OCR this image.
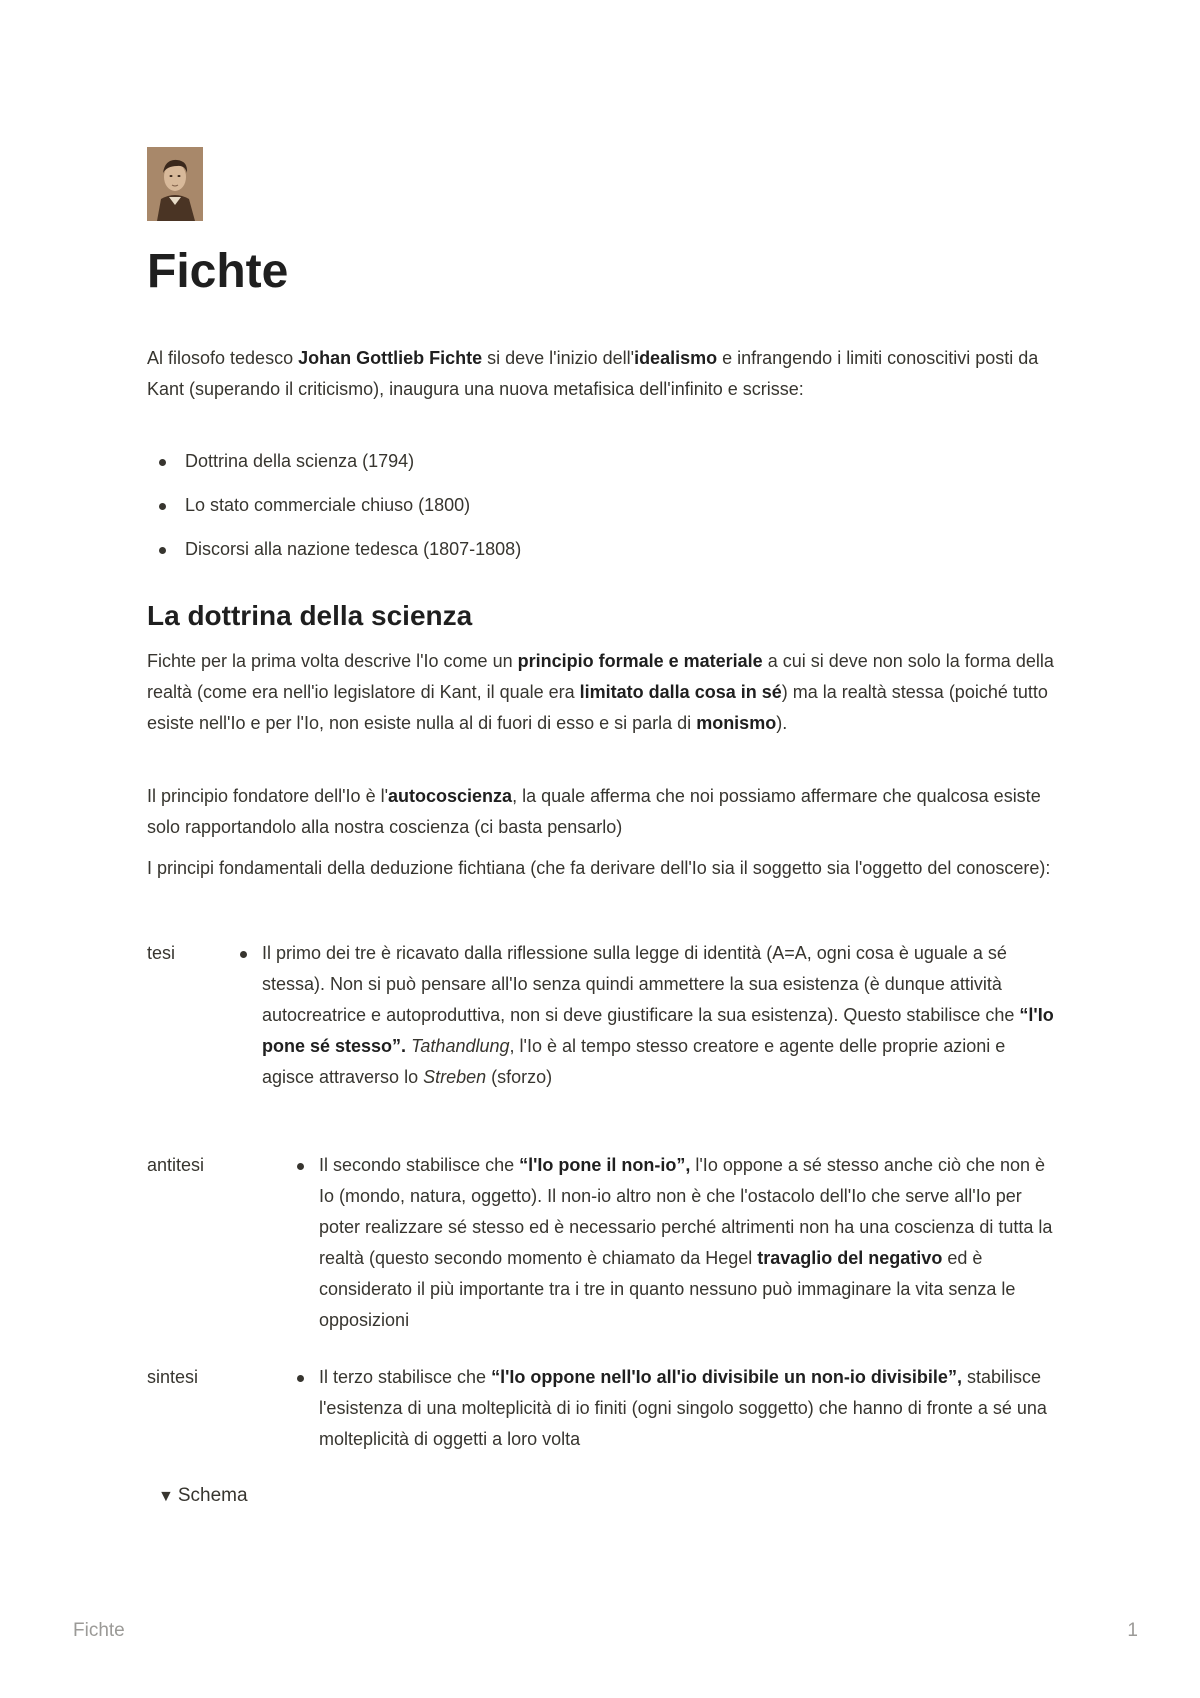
Fichte

Al filosofo tedesco Johan Gottlieb Fichte si deve l'inizio dell'idealismo e infrangendo i limiti conoscitivi posti da Kant (superando il criticismo), inaugura una nuova metafisica dell'infinito e scrisse:

Dottrina della scienza (1794)
Lo stato commerciale chiuso (1800)
Discorsi alla nazione tedesca (1807-1808)
La dottrina della scienza

Fichte per la prima volta descrive l'Io come un principio formale e materiale a cui si deve non solo la forma della realtà (come era nell'io legislatore di Kant, il quale era limitato dalla cosa in sé) ma la realtà stessa (poiché tutto esiste nell'Io e per l'Io, non esiste nulla al di fuori di esso e si parla di monismo).

Il principio fondatore dell'Io è l'autocoscienza, la quale afferma che noi possiamo affermare che qualcosa esiste solo rapportandolo alla nostra coscienza (ci basta pensarlo)

I principi fondamentali della deduzione fichtiana (che fa derivare dell'Io sia il soggetto sia l'oggetto del conoscere):

tesi	Il primo dei tre è ricavato dalla riflessione sulla legge di identità (A=A, ogni cosa è uguale a sé stessa). Non si può pensare all'Io senza quindi ammettere la sua esistenza (è dunque attività autocreatrice e autoproduttiva, non si deve giustificare la sua esistenza). Questo stabilisce che “l'Io pone sé stesso”. Tathandlung, l'Io è al tempo stesso creatore e agente delle proprie azioni e agisce attraverso lo Streben (sforzo)
antitesi	Il secondo stabilisce che “l'Io pone il non-io”, l'Io oppone a sé stesso anche ciò che non è Io (mondo, natura, oggetto). Il non-io altro non è che l'ostacolo dell'Io che serve all'Io per poter realizzare sé stesso ed è necessario perché altrimenti non ha una coscienza di tutta la realtà (questo secondo momento è chiamato da Hegel travaglio del negativo ed è considerato il più importante tra i tre in quanto nessuno può immaginare la vita senza le opposizioni
sintesi	Il terzo stabilisce che “l'Io oppone nell'Io all'io divisibile un non-io divisibile”, stabilisce l'esistenza di una molteplicità di io finiti (ogni singolo soggetto) che hanno di fronte a sé una molteplicità di oggetti a loro volta
▼ Schema
Fichte	1
